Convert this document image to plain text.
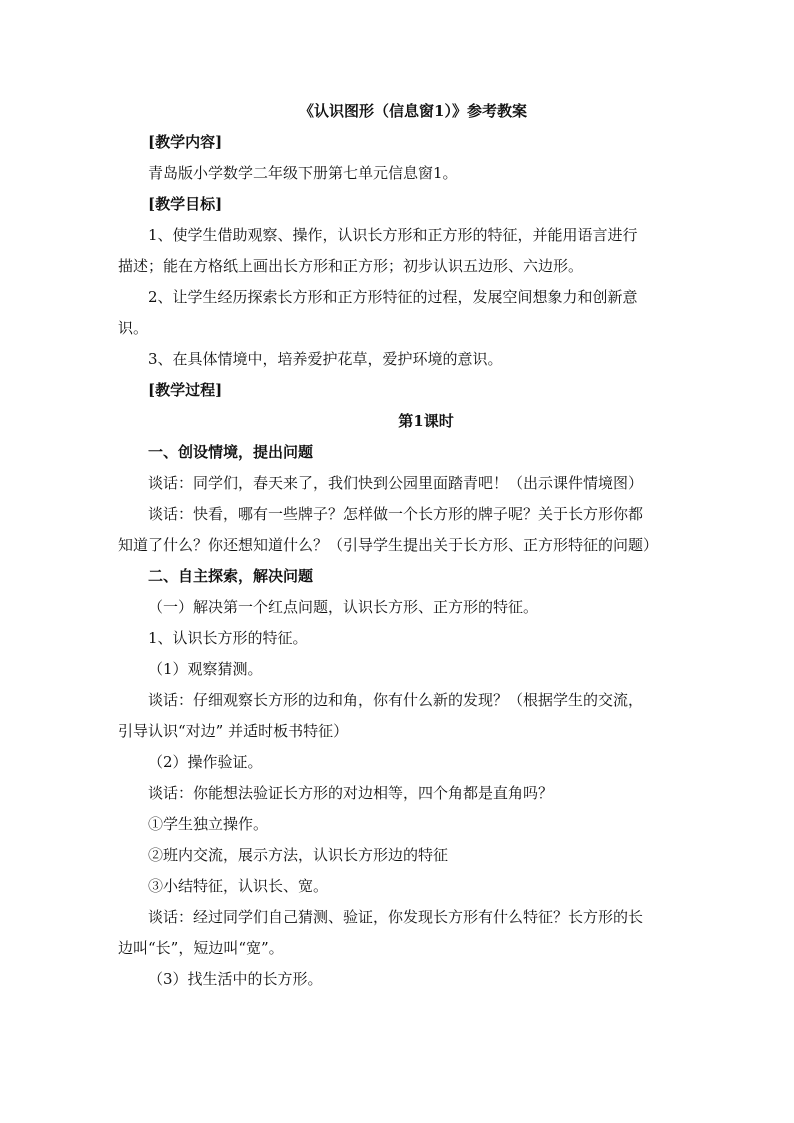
《认识图形（信息窗1）》参考教案

[教学内容]

青岛版小学数学二年级下册第七单元信息窗1。

[教学目标]

1、使学生借助观察、操作，认识长方形和正方形的特征，并能用语言进行

描述；能在方格纸上画出长方形和正方形；初步认识五边形、六边形。

2、让学生经历探索长方形和正方形特征的过程，发展空间想象力和创新意

识。

3、在具体情境中，培养爱护花草，爱护环境的意识。

[教学过程]

第1课时

一、创设情境，提出问题

谈话：同学们，春天来了，我们快到公园里面踏青吧！（出示课件情境图）

谈话：快看，哪有一些牌子？怎样做一个长方形的牌子呢？关于长方形你都

知道了什么？你还想知道什么？（引导学生提出关于长方形、正方形特征的问题）

二、自主探索，解决问题

（一）解决第一个红点问题，认识长方形、正方形的特征。

1、认识长方形的特征。

（1）观察猜测。

谈话：仔细观察长方形的边和角，你有什么新的发现？（根据学生的交流，

引导认识“对边” 并适时板书特征）

（2）操作验证。

谈话：你能想法验证长方形的对边相等，四个角都是直角吗？

①学生独立操作。

②班内交流，展示方法，认识长方形边的特征

③小结特征，认识长、宽。

谈话：经过同学们自己猜测、验证，你发现长方形有什么特征？长方形的长

边叫“长”，短边叫“宽”。

（3）找生活中的长方形。
